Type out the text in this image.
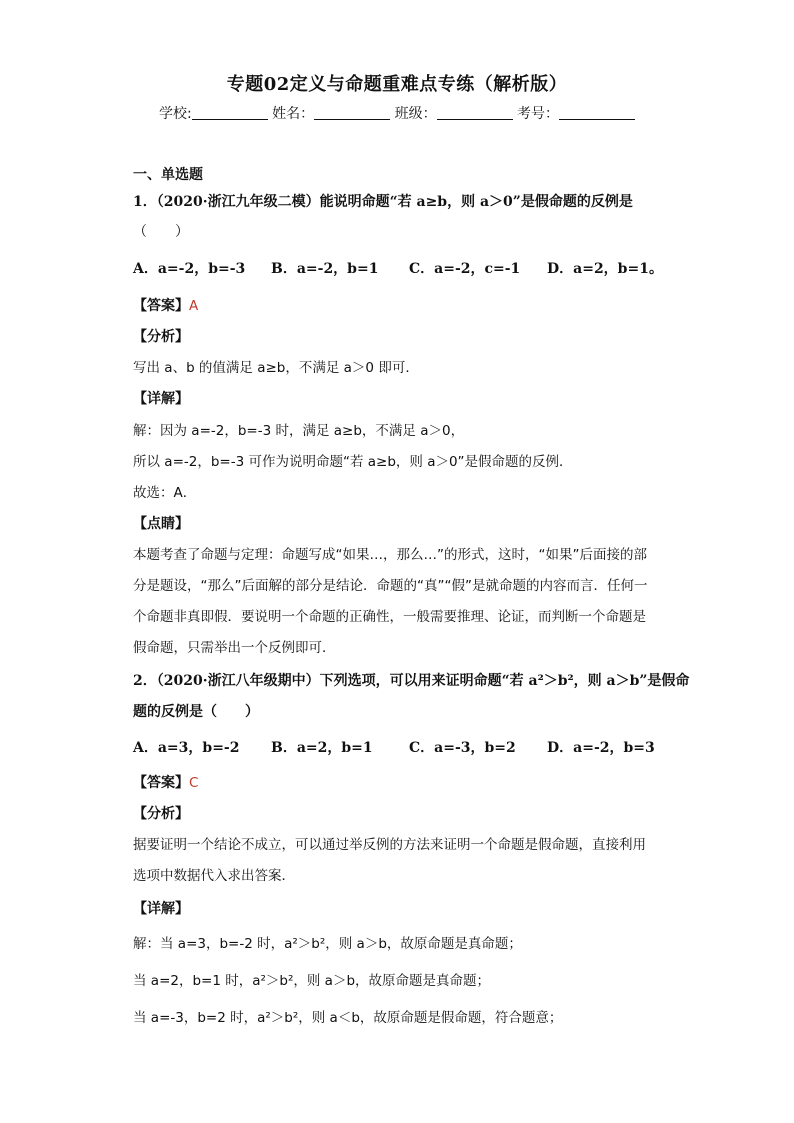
专题02定义与命题重难点专练（解析版）
学校:	姓名：	班级：	考号：
一、单选题
1．（2020·浙江九年级二模）能说明命题“若 a≥b，则 a＞0”是假命题的反例是
（　　）
A．a=-2，b=-3 B．a=-2，b=1 C．a=-2，c=-1 D．a=2，b=1。
【答案】A
【分析】
写出 a、b 的值满足 a≥b，不满足 a＞0 即可．
【详解】
解：因为 a=-2，b=-3 时，满足 a≥b，不满足 a＞0，
所以 a=-2，b=-3 可作为说明命题“若 a≥b，则 a＞0”是假命题的反例．
故选：A．
【点睛】
本题考查了命题与定理：命题写成“如果…，那么…”的形式，这时，“如果”后面接的部
分是题设，“那么”后面解的部分是结论．命题的“真”“假”是就命题的内容而言．任何一
个命题非真即假．要说明一个命题的正确性，一般需要推理、论证，而判断一个命题是
假命题，只需举出一个反例即可．
2．（2020·浙江八年级期中）下列选项，可以用来证明命题“若 a²＞b²，则 a＞b”是假命
题的反例是（　　）
A．a=3，b=-2 B．a=2，b=1	C．a=-3，b=2 D．a=-2，b=3
【答案】C
【分析】
据要证明一个结论不成立，可以通过举反例的方法来证明一个命题是假命题，直接利用
选项中数据代入求出答案．
【详解】
解：当 a=3，b=-2 时，a²＞b²，则 a＞b，故原命题是真命题；
当 a=2，b=1 时，a²＞b²，则 a＞b，故原命题是真命题；
当 a=-3，b=2 时，a²＞b²，则 a＜b，故原命题是假命题，符合题意；
